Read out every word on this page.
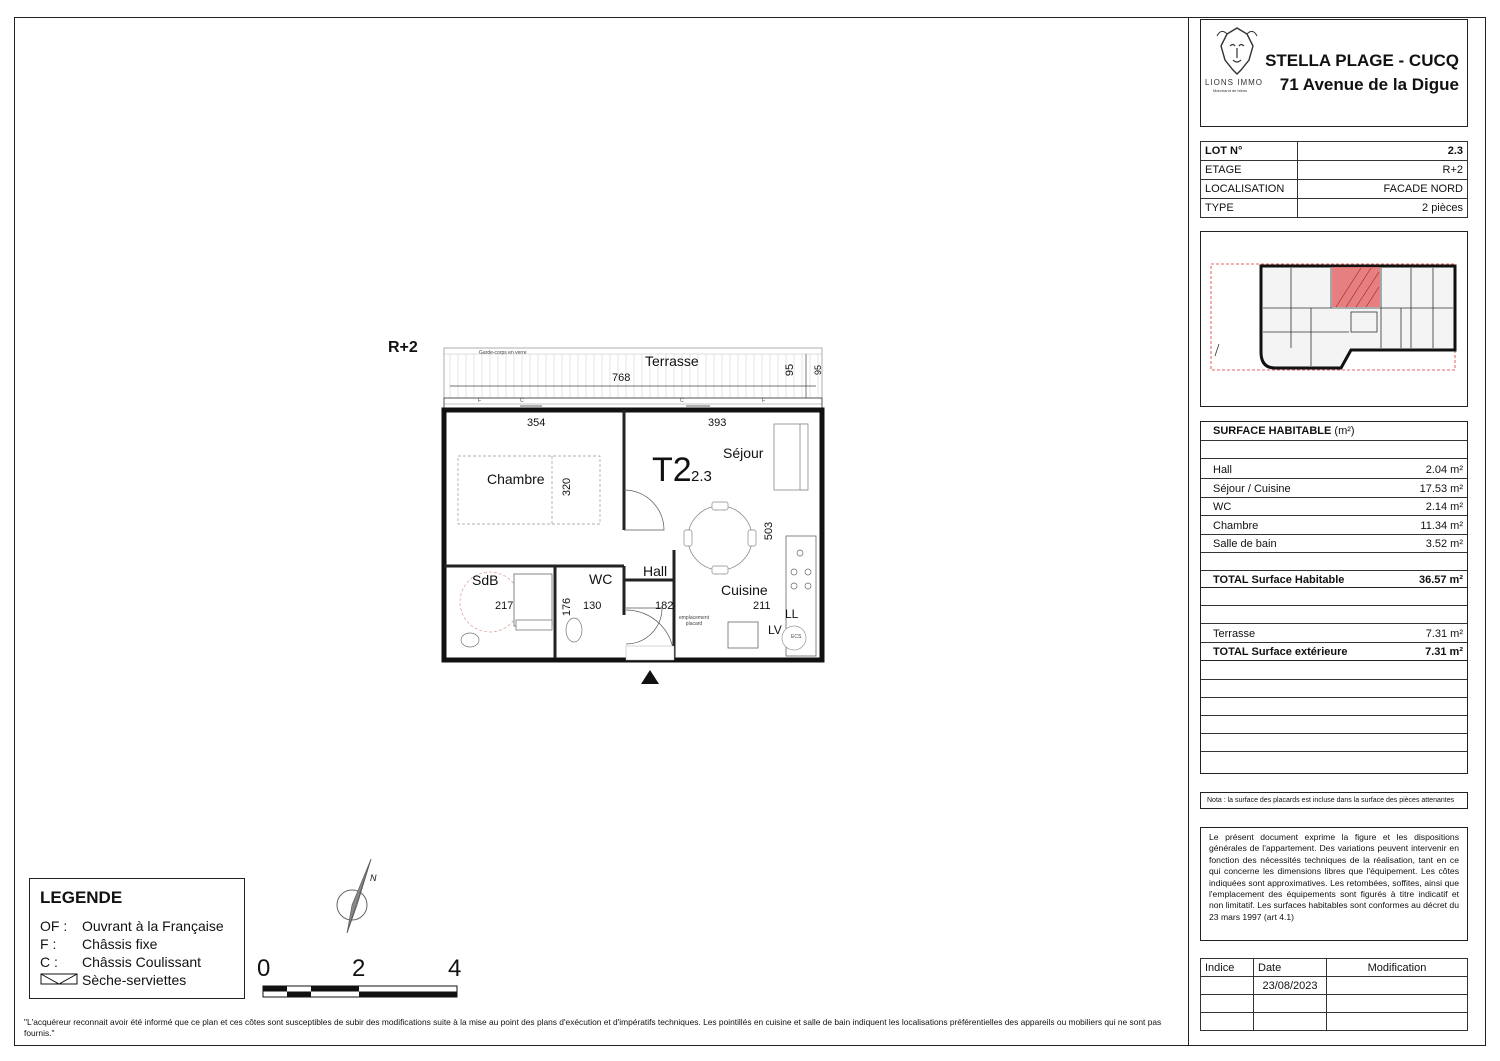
LIONS IMMO
Marchand de biens
STELLA PLAGE - CUCQ
71 Avenue de la Digue
LOT N°	2.3
ETAGE	R+2
LOCALISATION	FACADE NORD
TYPE	2 pièces
SURFACE HABITABLE (m²)
Hall	2.04 m²
Séjour / Cuisine	17.53 m²
WC	2.14 m²
Chambre	11.34 m²
Salle de bain	3.52 m²
TOTAL Surface Habitable	36.57 m²
Terrasse	7.31 m²
TOTAL Surface extérieure	7.31 m²
Nota : la surface des placards est incluse dans la surface des pièces attenantes
Le présent document exprime la figure et les dispositions générales de l'appartement. Des variations peuvent intervenir en fonction des nécessités techniques de la réalisation, tant en ce qui concerne les dimensions libres que l'équipement. Les côtes indiquées sont approximatives. Les retombées, soffites, ainsi que l'emplacement des équipements sont figurés à titre indicatif et non limitatif. Les surfaces habitables sont conformes au décret du 23 mars 1997 (art 4.1)
Indice	Date	Modification
	23/08/2023	

LEGENDE
OF : Ouvrant à la Française
F : Châssis fixe
C : Châssis Coulissant
Sèche-serviettes
N
0	2	4
"L'acquéreur reconnait avoir été informé que ce plan et ces côtes sont susceptibles de subir des modifications suite à la mise au point des plans d'exécution et d'impératifs techniques. Les pointillés en cuisine et salle de bain indiquent les localisations préférentielles des appareils ou mobiliers qui ne sont pas fournis."
R+2	Garde-corps en verre	Terrasse
768
95 95
F	C	C	F
354	393
Chambre 320 T2 2.3
Séjour
503
SdB
217
WC
176 130
Hall
182
emplacement placard
Cuisine
211
LL
LV ECS
